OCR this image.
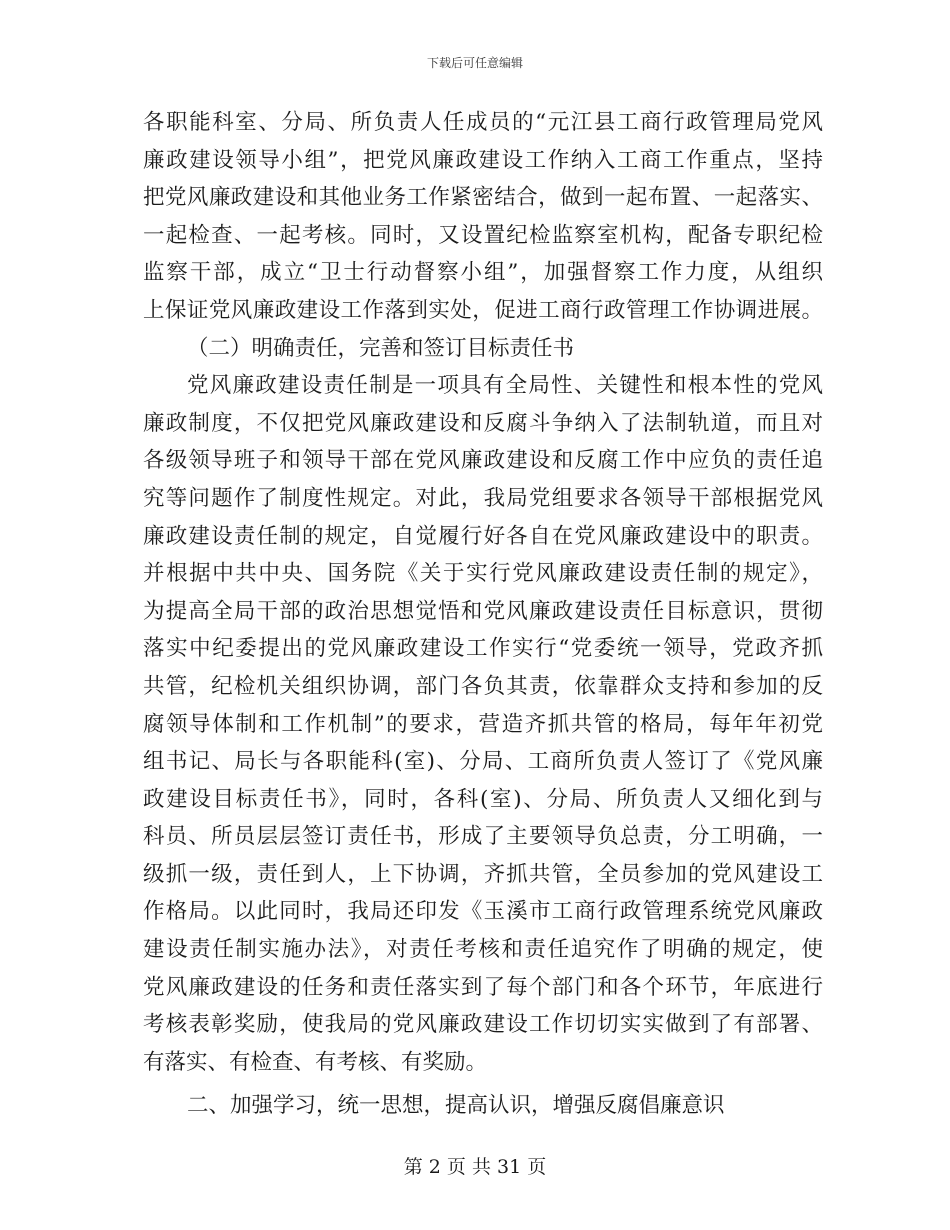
下载后可任意编辑
各职能科室、分局、所负责人任成员的“元江县工商行政管理局党风
廉政建设领导小组”，把党风廉政建设工作纳入工商工作重点，坚持
把党风廉政建设和其他业务工作紧密结合，做到一起布置、一起落实、
一起检查、一起考核。同时，又设置纪检监察室机构，配备专职纪检
监察干部，成立“卫士行动督察小组”，加强督察工作力度，从组织
上保证党风廉政建设工作落到实处，促进工商行政管理工作协调进展。
（二）明确责任，完善和签订目标责任书
党风廉政建设责任制是一项具有全局性、关键性和根本性的党风
廉政制度，不仅把党风廉政建设和反腐斗争纳入了法制轨道，而且对
各级领导班子和领导干部在党风廉政建设和反腐工作中应负的责任追
究等问题作了制度性规定。对此，我局党组要求各领导干部根据党风
廉政建设责任制的规定，自觉履行好各自在党风廉政建设中的职责。
并根据中共中央、国务院《关于实行党风廉政建设责任制的规定》，
为提高全局干部的政治思想觉悟和党风廉政建设责任目标意识，贯彻
落实中纪委提出的党风廉政建设工作实行“党委统一领导，党政齐抓
共管，纪检机关组织协调，部门各负其责，依靠群众支持和参加的反
腐领导体制和工作机制”的要求，营造齐抓共管的格局，每年年初党
组书记、局长与各职能科(室)、分局、工商所负责人签订了《党风廉
政建设目标责任书》，同时，各科(室)、分局、所负责人又细化到与
科员、所员层层签订责任书，形成了主要领导负总责，分工明确，一
级抓一级，责任到人，上下协调，齐抓共管，全员参加的党风建设工
作格局。以此同时，我局还印发《玉溪市工商行政管理系统党风廉政
建设责任制实施办法》，对责任考核和责任追究作了明确的规定，使
党风廉政建设的任务和责任落实到了每个部门和各个环节，年底进行
考核表彰奖励，使我局的党风廉政建设工作切切实实做到了有部署、
有落实、有检查、有考核、有奖励。
二、加强学习，统一思想，提高认识，增强反腐倡廉意识
第 2 页 共 31 页
